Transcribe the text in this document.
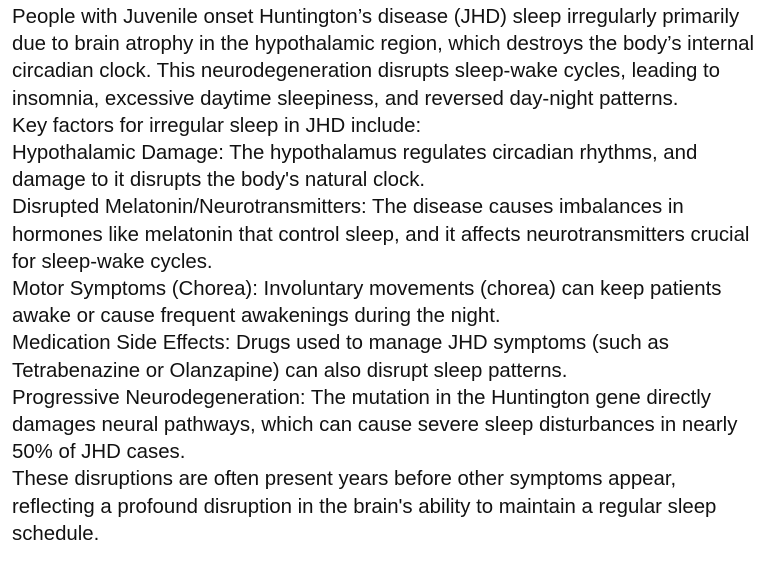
People with Juvenile onset Huntington’s disease (JHD) sleep irregularly primarily due to brain atrophy in the hypothalamic region, which destroys the body’s internal circadian clock. This neurodegeneration disrupts sleep-wake cycles, leading to insomnia, excessive daytime sleepiness, and reversed day-night patterns.

Key factors for irregular sleep in JHD include:

Hypothalamic Damage: The hypothalamus regulates circadian rhythms, and damage to it disrupts the body's natural clock.

Disrupted Melatonin/Neurotransmitters: The disease causes imbalances in hormones like melatonin that control sleep, and it affects neurotransmitters crucial for sleep-wake cycles.

Motor Symptoms (Chorea): Involuntary movements (chorea) can keep patients awake or cause frequent awakenings during the night.

Medication Side Effects: Drugs used to manage JHD symptoms (such as Tetrabenazine or Olanzapine) can also disrupt sleep patterns.

Progressive Neurodegeneration: The mutation in the Huntington gene directly damages neural pathways, which can cause severe sleep disturbances in nearly 50% of JHD cases.

These disruptions are often present years before other symptoms appear, reflecting a profound disruption in the brain's ability to maintain a regular sleep schedule.
